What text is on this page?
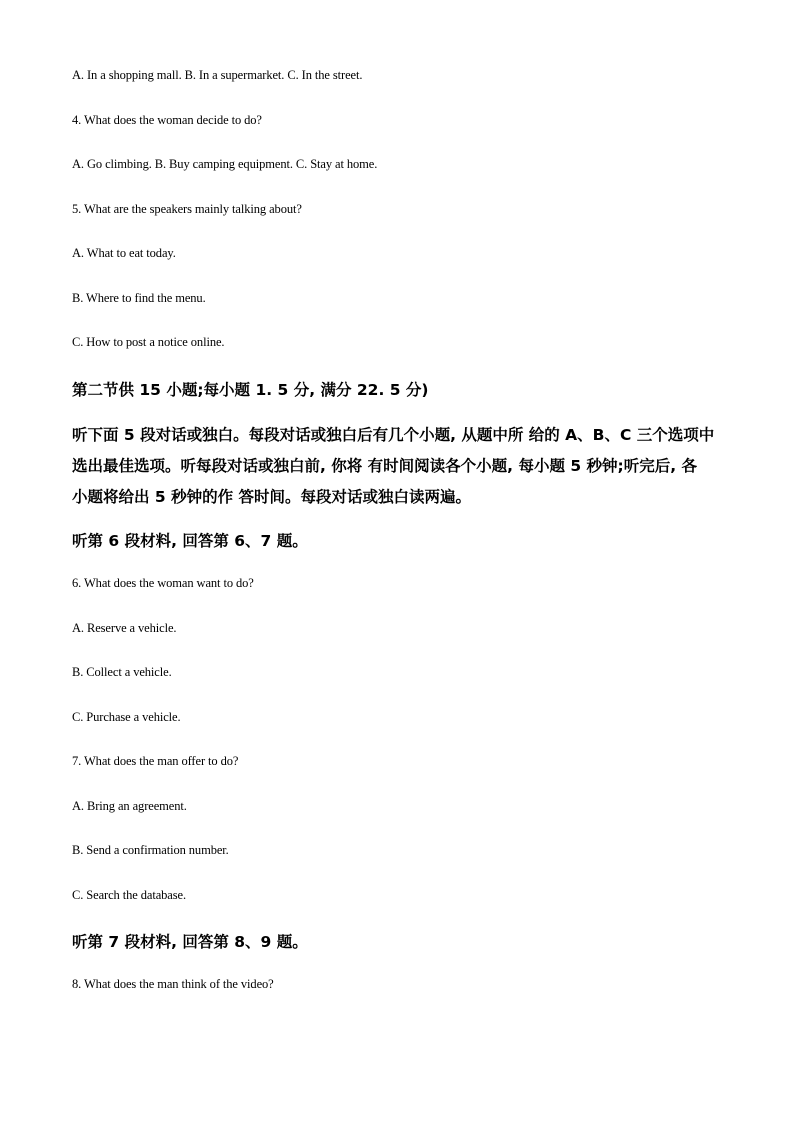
A. In a shopping mall. B. In a supermarket. C. In the street.
4. What does the woman decide to do?
A. Go climbing. B. Buy camping equipment. C. Stay at home.
5. What are the speakers mainly talking about?
A. What to eat today.
B. Where to find the menu.
C. How to post a notice online.
第二节供 15 小题;每小题 1. 5 分, 满分 22. 5 分)
听下面 5 段对话或独白。每段对话或独白后有几个小题, 从题中所 给的 A、B、C 三个选项中
选出最佳选项。听每段对话或独白前, 你将 有时间阅读各个小题, 每小题 5 秒钟;听完后, 各
小题将给出 5 秒钟的作 答时间。每段对话或独白读两遍。
听第 6 段材料, 回答第 6、7 题。
6. What does the woman want to do?
A. Reserve a vehicle.
B. Collect a vehicle.
C. Purchase a vehicle.
7. What does the man offer to do?
A. Bring an agreement.
B. Send a confirmation number.
C. Search the database.
听第 7 段材料, 回答第 8、9 题。
8. What does the man think of the video?
